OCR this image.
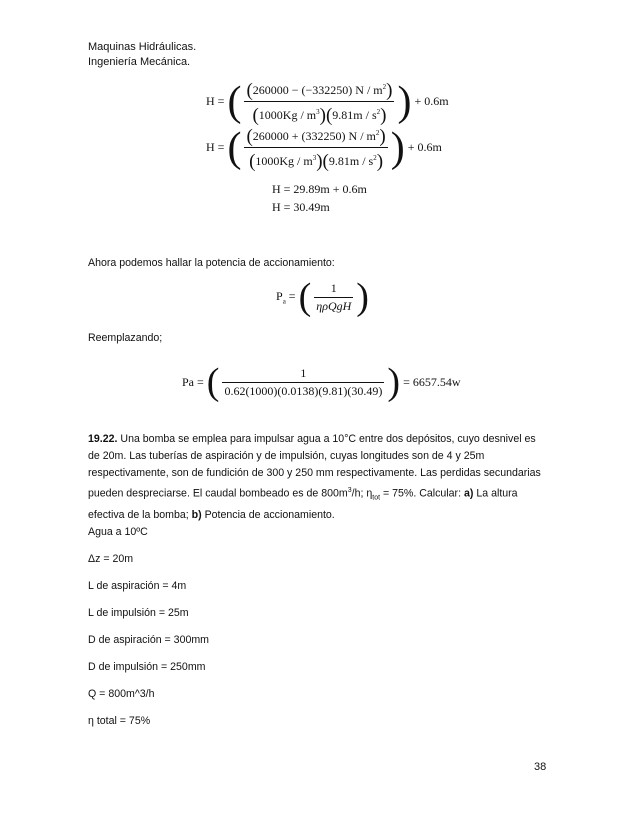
Maquinas Hidráulicas.
Ingeniería Mecánica.
H = ( $\frac{(260000 - (-332250) N / m^2)}{(1000Kg / m^3)(9.81m / s^2)}$ ) + 0.6m
H = ( $\frac{(260000 + (332250) N / m^2)}{(1000Kg / m^3)(9.81m / s^2)}$ ) + 0.6m
H = 29.89m + 0.6m
H = 30.49m
Ahora podemos hallar la potencia de accionamiento:
$P_a$ = ( $\frac{1}{\text{ηρQgH}}$ )
Reemplazando;
Pa = ( $\frac{1}{0.62(1000)(0.0138)(9.81)(30.49)}$ ) = 6657.54w
19.22. Una bomba se emplea para impulsar agua a 10°C entre dos depósitos, cuyo desnivel es de 20m. Las tuberías de aspiración y de impulsión, cuyas longitudes son de 4 y 25m respectivamente, son de fundición de 300 y 250 mm respectivamente. Las perdidas secundarias pueden despreciarse. El caudal bombeado es de $800m^3/h$; $\eta_{tot} = 75\%$. Calcular: a) La altura efectiva de la bomba; b) Potencia de accionamiento.
Agua a 10ºC
Δz = 20m
L de aspiración = 4m
L de impulsión = 25m
D de aspiración = 300mm
D de impulsión = 250mm
Q = 800m^3/h
η total = 75%
38
